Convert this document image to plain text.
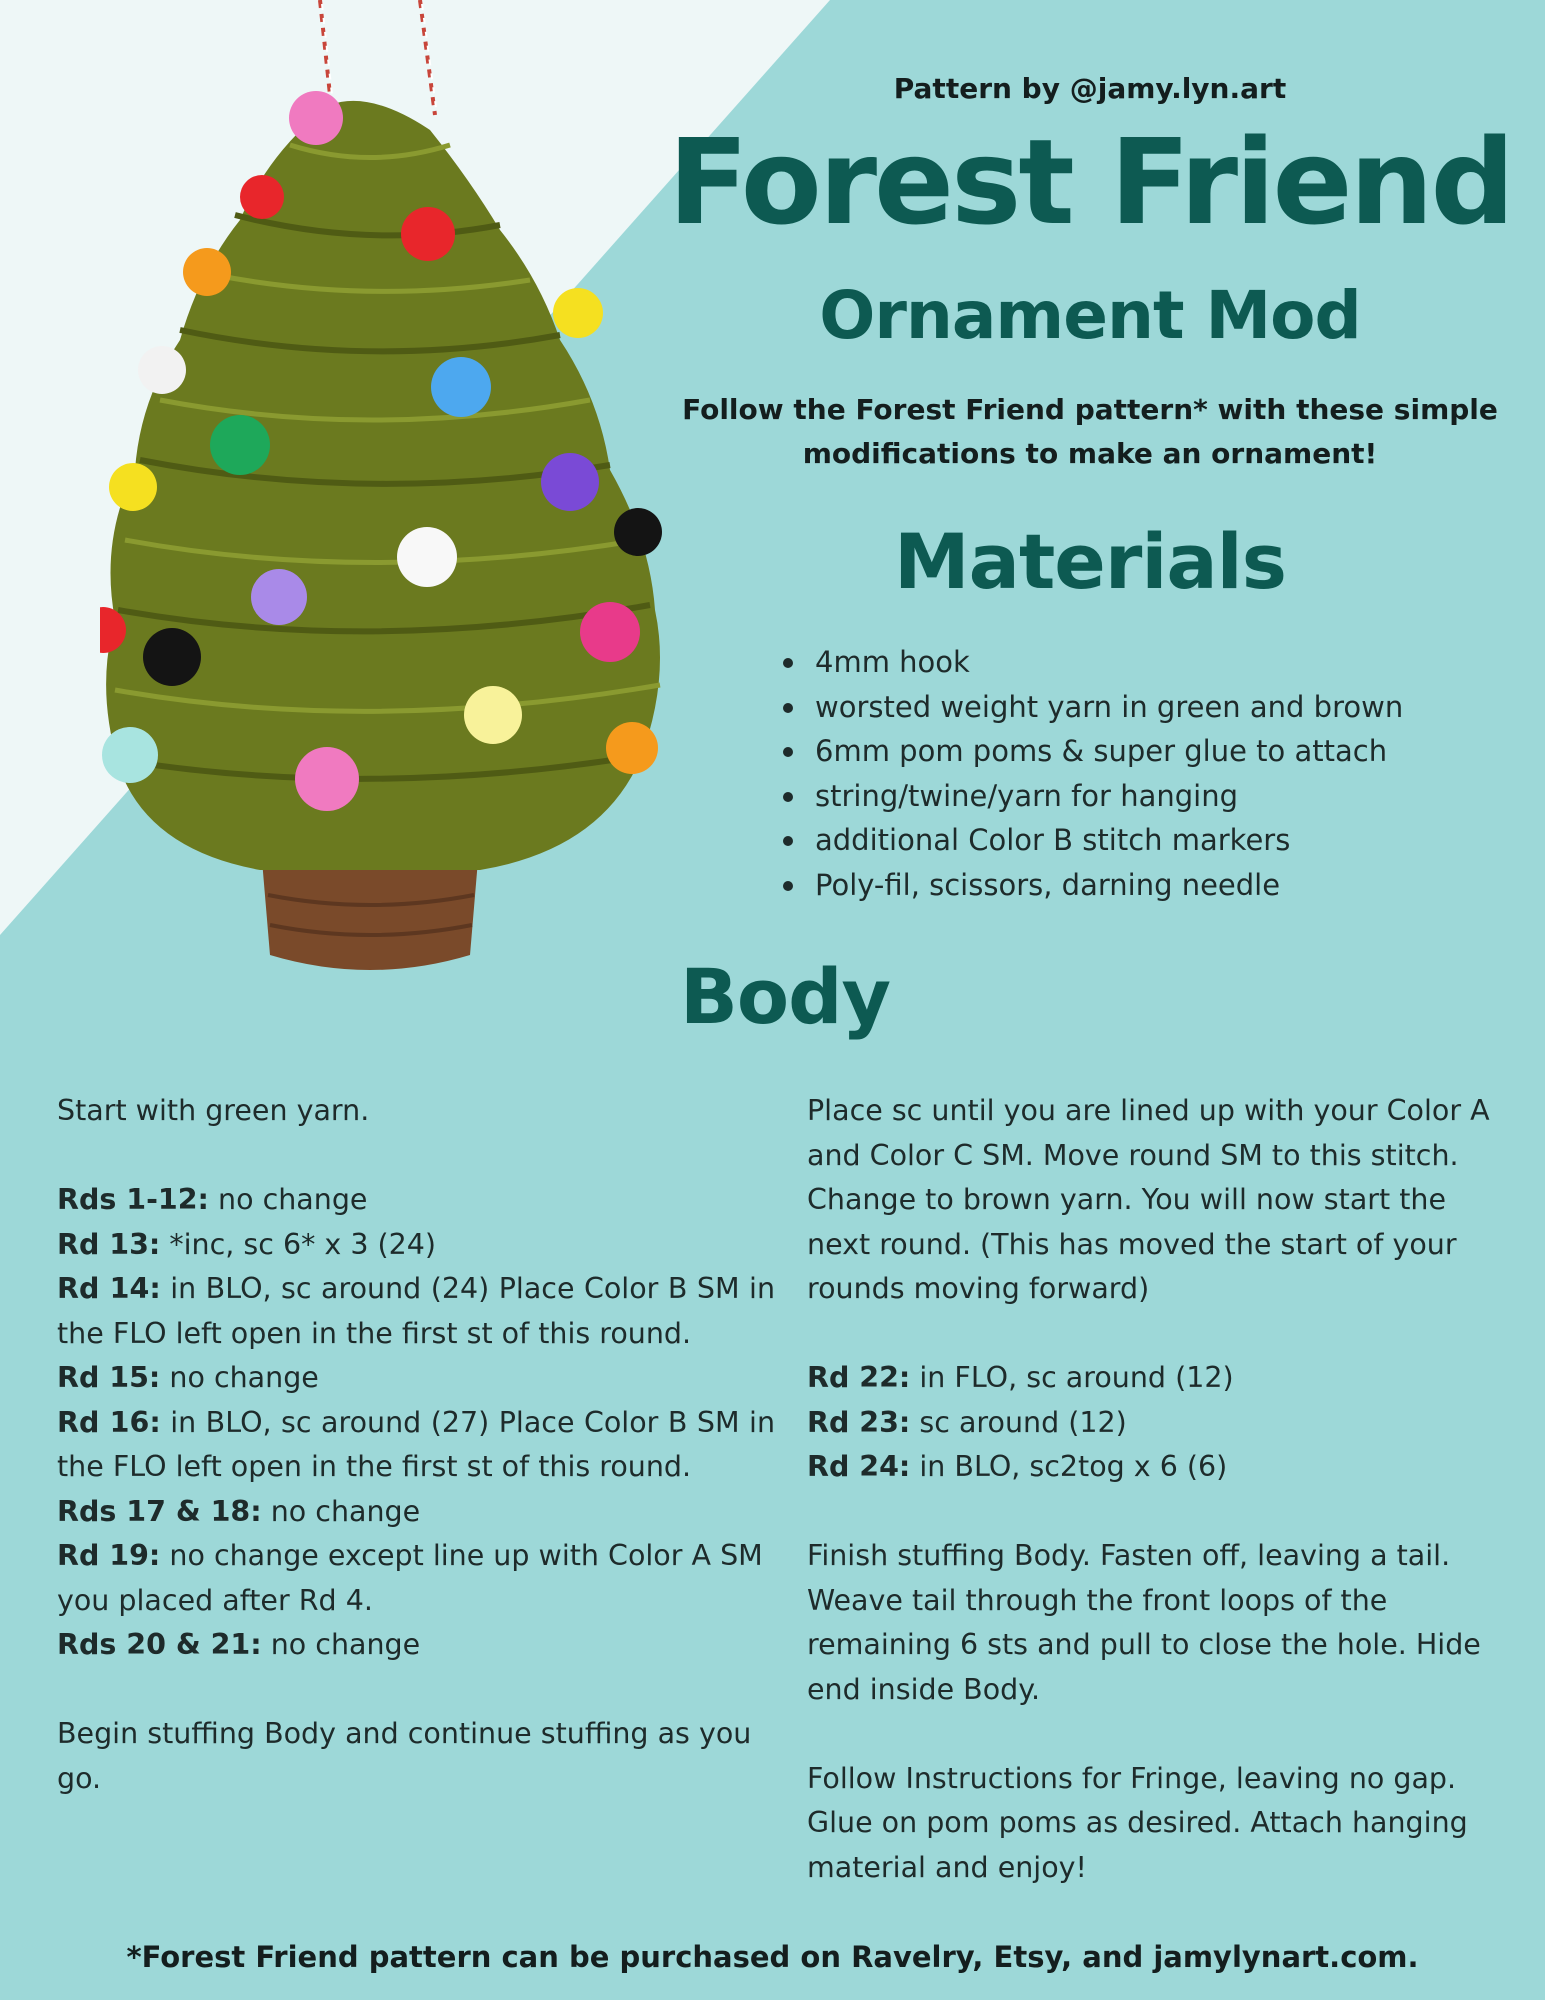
Pattern by @jamy.lyn.art
Forest Friend
Ornament Mod
Follow the Forest Friend pattern* with these simple
modifications to make an ornament!
Materials
4mm hook
worsted weight yarn in green and brown
6mm pom poms & super glue to attach
string/twine/yarn for hanging
additional Color B stitch markers
Poly-fil, scissors, darning needle
Body

Start with green yarn.

Rds 1-12: no change

Rd 13: *inc, sc 6* x 3 (24)

Rd 14: in BLO, sc around (24) Place Color B SM in the FLO left open in the first st of this round.

Rd 15: no change

Rd 16: in BLO, sc around (27) Place Color B SM in the FLO left open in the first st of this round.

Rds 17 & 18: no change

Rd 19: no change except line up with Color A SM you placed after Rd 4.

Rds 20 & 21: no change

Begin stuffing Body and continue stuffing as you go.

Place sc until you are lined up with your Color A and Color C SM. Move round SM to this stitch. Change to brown yarn. You will now start the next round. (This has moved the start of your rounds moving forward)

Rd 22: in FLO, sc around (12)

Rd 23: sc around (12)

Rd 24: in BLO, sc2tog x 6 (6)

Finish stuffing Body. Fasten off, leaving a tail. Weave tail through the front loops of the remaining 6 sts and pull to close the hole. Hide end inside Body.

Follow Instructions for Fringe, leaving no gap. Glue on pom poms as desired. Attach hanging material and enjoy!

*Forest Friend pattern can be purchased on Ravelry, Etsy, and jamylynart.com.
